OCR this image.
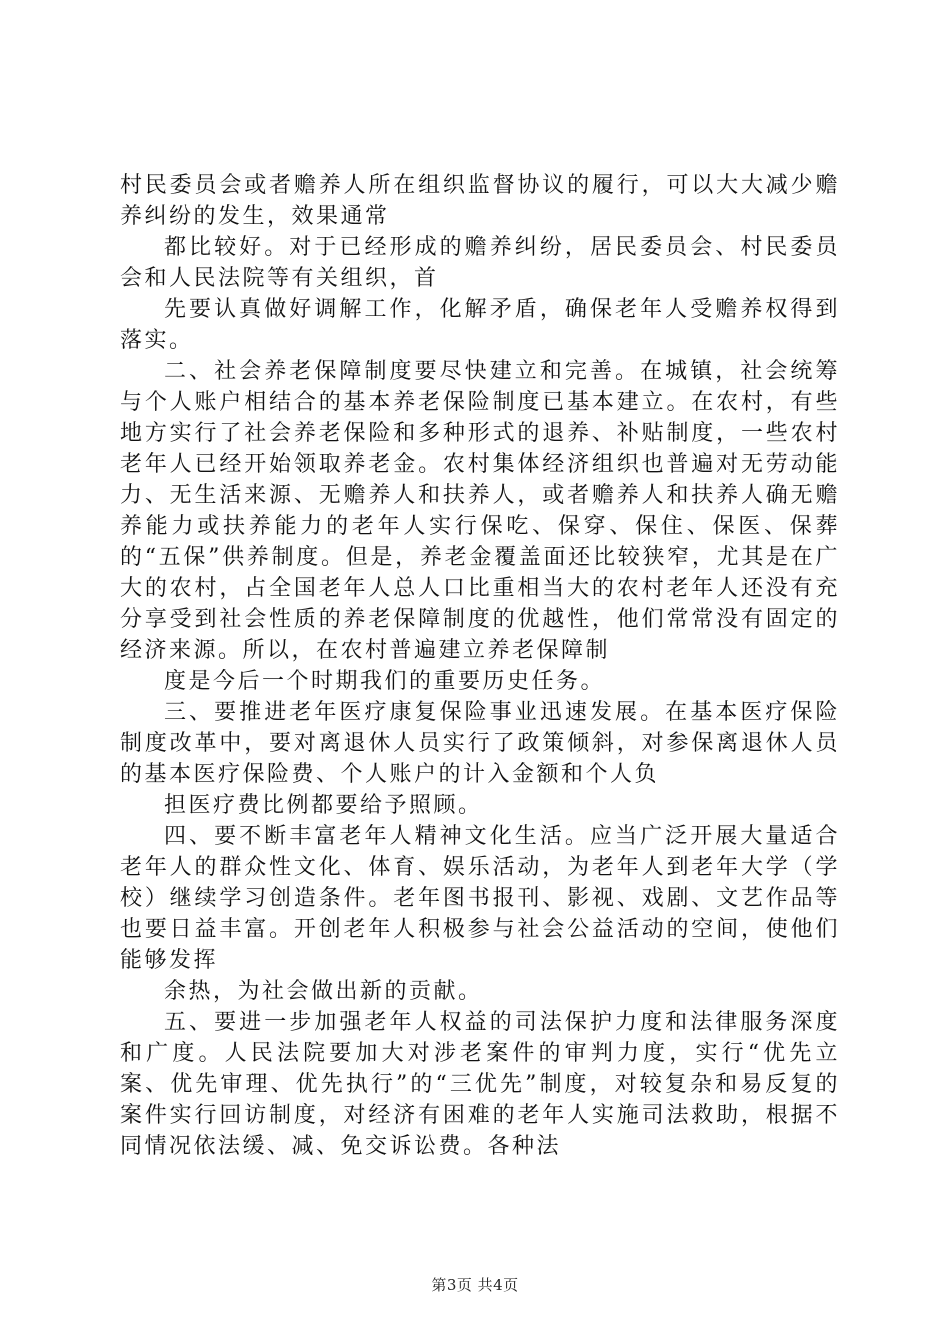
村民委员会或者赡养人所在组织监督协议的履行，可以大大减少赡养纠纷的发生，效果通常

都比较好。对于已经形成的赡养纠纷，居民委员会、村民委员会和人民法院等有关组织，首

先要认真做好调解工作，化解矛盾，确保老年人受赡养权得到落实。

二、社会养老保障制度要尽快建立和完善。在城镇，社会统筹与个人账户相结合的基本养老保险制度已基本建立。在农村，有些地方实行了社会养老保险和多种形式的退养、补贴制度，一些农村老年人已经开始领取养老金。农村集体经济组织也普遍对无劳动能力、无生活来源、无赡养人和扶养人，或者赡养人和扶养人确无赡养能力或扶养能力的老年人实行保吃、保穿、保住、保医、保葬的“五保”供养制度。但是，养老金覆盖面还比较狭窄，尤其是在广大的农村，占全国老年人总人口比重相当大的农村老年人还没有充分享受到社会性质的养老保障制度的优越性，他们常常没有固定的经济来源。所以，在农村普遍建立养老保障制

度是今后一个时期我们的重要历史任务。

三、要推进老年医疗康复保险事业迅速发展。在基本医疗保险制度改革中，要对离退休人员实行了政策倾斜，对参保离退休人员的基本医疗保险费、个人账户的计入金额和个人负

担医疗费比例都要给予照顾。

四、要不断丰富老年人精神文化生活。应当广泛开展大量适合老年人的群众性文化、体育、娱乐活动，为老年人到老年大学（学校）继续学习创造条件。老年图书报刊、影视、戏剧、文艺作品等也要日益丰富。开创老年人积极参与社会公益活动的空间，使他们能够发挥

余热，为社会做出新的贡献。

五、要进一步加强老年人权益的司法保护力度和法律服务深度和广度。人民法院要加大对涉老案件的审判力度，实行“优先立案、优先审理、优先执行”的“三优先”制度，对较复杂和易反复的案件实行回访制度，对经济有困难的老年人实施司法救助，根据不同情况依法缓、减、免交诉讼费。各种法

第3页 共4页
